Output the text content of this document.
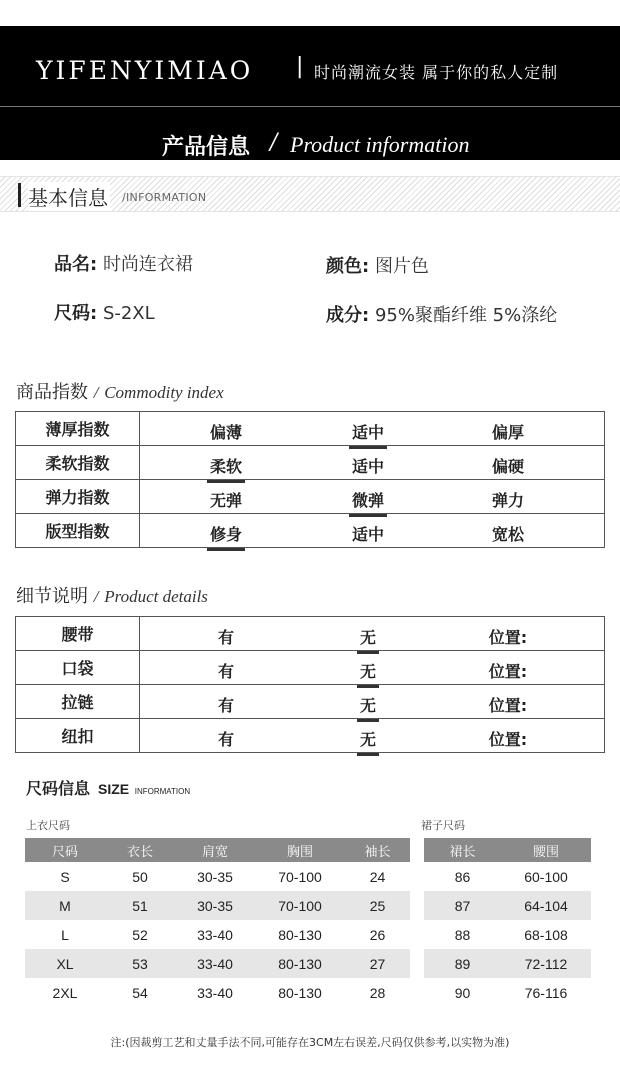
YIFENYIMIAO | 时尚潮流女装 属于你的私人定制
产品信息 / Product information
基本信息 /INFORMATION
品名: 时尚连衣裙	颜色: 图片色
尺码: S-2XL	成分: 95%聚酯纤维 5%涤纶
商品指数 / Commodity index
薄厚指数	偏薄 适中 偏厚

柔软指数	柔软 适中 偏硬

弹力指数	无弹 微弹 弹力

版型指数	修身 适中 宽松
细节说明 / Product details
腰带	有 无 位置:

口袋	有 无 位置:

拉链	有 无 位置:

纽扣	有 无 位置:
尺码信息 SIZE INFORMATION
上衣尺码	裙子尺码
尺码	衣长	肩宽	胸围	袖长
S	50	30-35	70-100	24
M	51	30-35	70-100	25
L	52	33-40	80-130	26
XL	53	33-40	80-130	27
2XL	54	33-40	80-130	28
裙长	腰围
86	60-100
87	64-104
88	68-108
89	72-112
90	76-116
注:(因裁剪工艺和丈量手法不同,可能存在3CM左右误差,尺码仅供参考,以实物为准)
